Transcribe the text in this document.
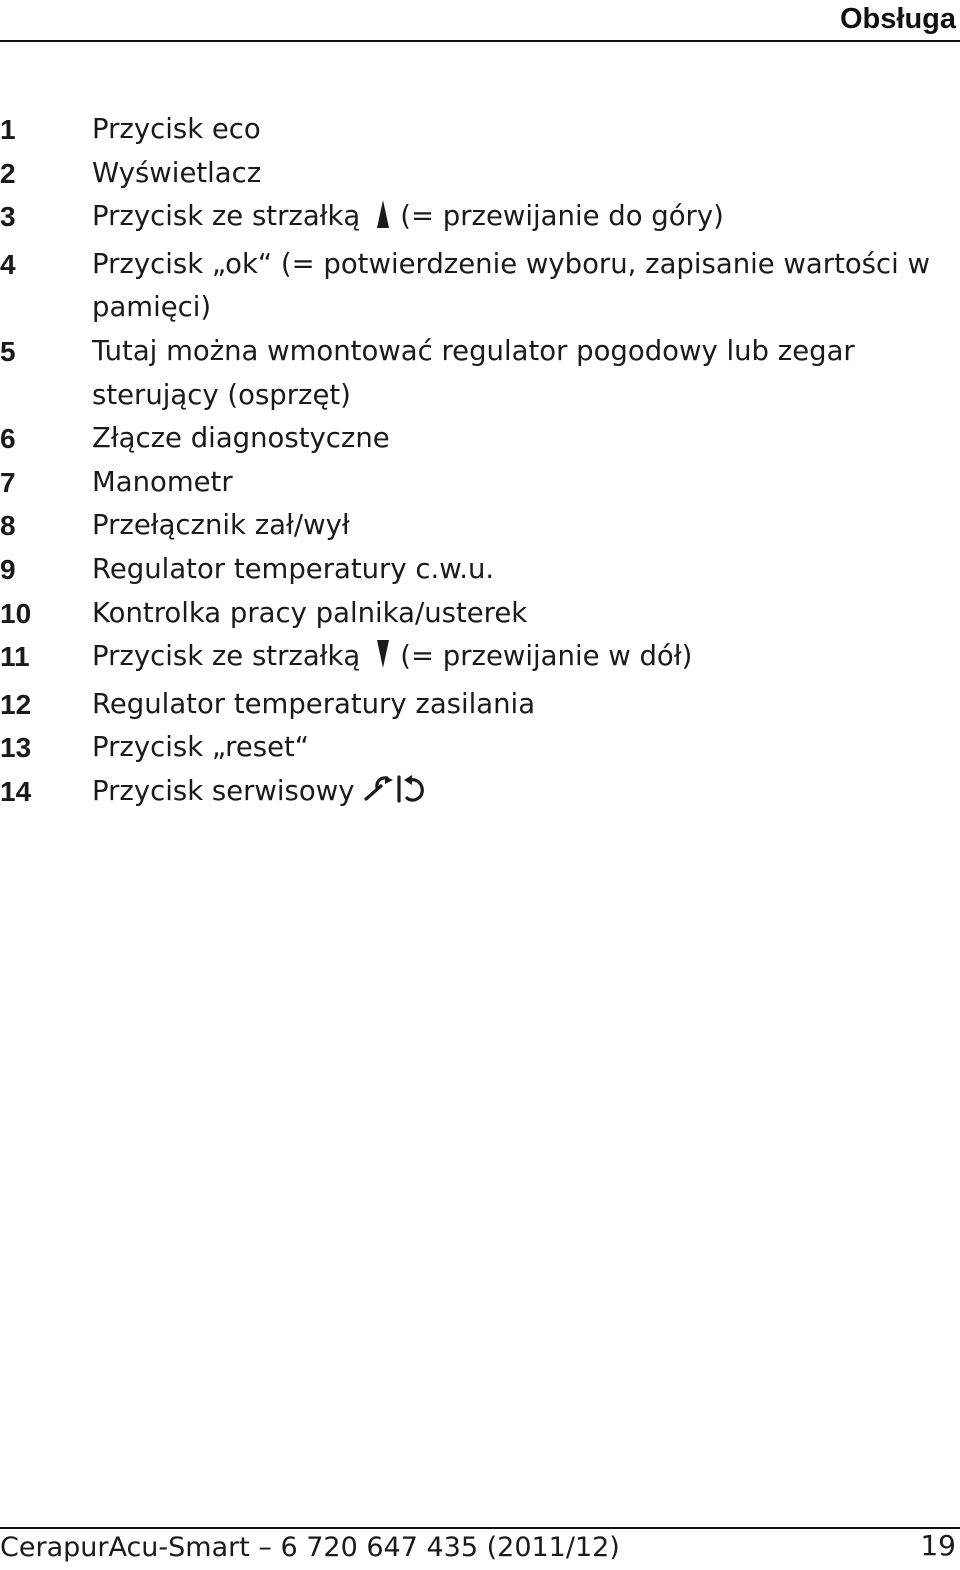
Obsługa
1	Przycisk eco
2	Wyświetlacz
3	Przycisk ze strzałką (= przewijanie do góry)
4	Przycisk „ok“ (= potwierdzenie wyboru, zapisanie wartości w pamięci)
5	Tutaj można wmontować regulator pogodowy lub zegar sterujący (osprzęt)
6	Złącze diagnostyczne
7	Manometr
8	Przełącznik zał/wył
9	Regulator temperatury c.w.u.
10 Kontrolka pracy palnika/usterek
11 Przycisk ze strzałką (= przewijanie w dół)
12 Regulator temperatury zasilania
13 Przycisk „reset“
14 Przycisk serwisowy
CerapurAcu-Smart – 6 720 647 435 (2011/12)	19
